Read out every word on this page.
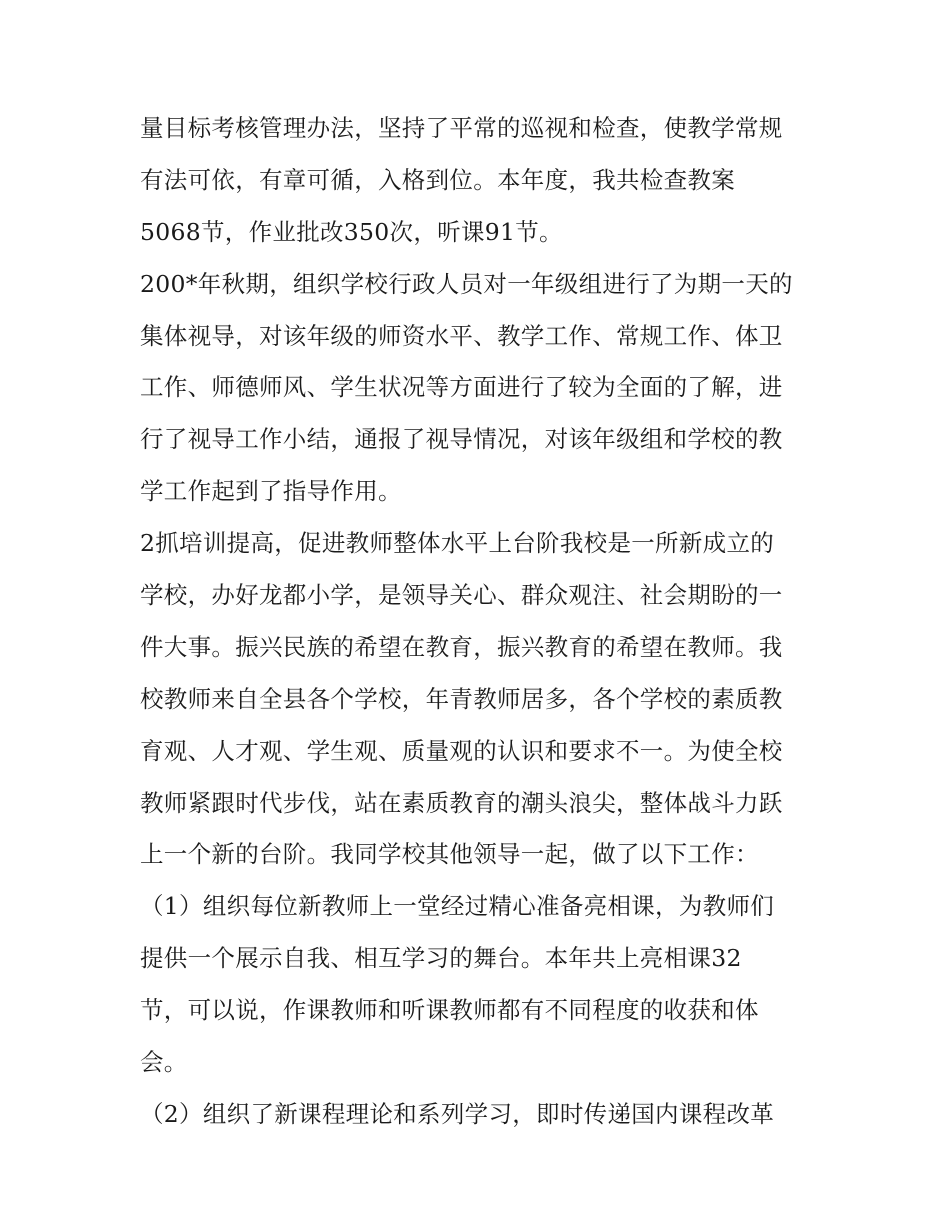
量目标考核管理办法，坚持了平常的巡视和检查，使教学常规
有法可依，有章可循，入格到位。本年度，我共检查教案
5068节，作业批改350次，听课91节。
200*年秋期，组织学校行政人员对一年级组进行了为期一天的
集体视导，对该年级的师资水平、教学工作、常规工作、体卫
工作、师德师风、学生状况等方面进行了较为全面的了解，进
行了视导工作小结，通报了视导情况，对该年级组和学校的教
学工作起到了指导作用。
2抓培训提高，促进教师整体水平上台阶我校是一所新成立的
学校，办好龙都小学，是领导关心、群众观注、社会期盼的一
件大事。振兴民族的希望在教育，振兴教育的希望在教师。我
校教师来自全县各个学校，年青教师居多，各个学校的素质教
育观、人才观、学生观、质量观的认识和要求不一。为使全校
教师紧跟时代步伐，站在素质教育的潮头浪尖，整体战斗力跃
上一个新的台阶。我同学校其他领导一起，做了以下工作：
（1）组织每位新教师上一堂经过精心准备亮相课，为教师们
提供一个展示自我、相互学习的舞台。本年共上亮相课32
节，可以说，作课教师和听课教师都有不同程度的收获和体
会。
（2）组织了新课程理论和系列学习，即时传递国内课程改革
